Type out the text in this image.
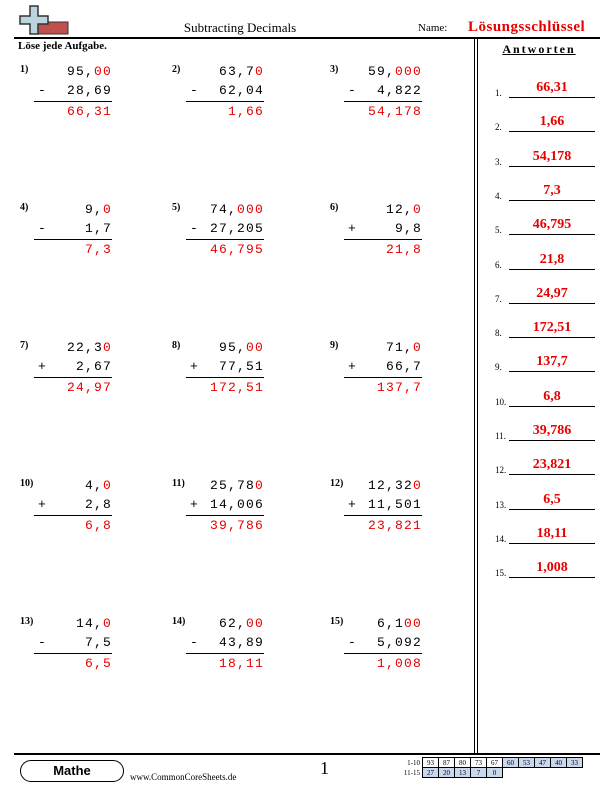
Subtracting Decimals	Name: Lösungsschlüssel
Löse jede Aufgabe.	Antworten
1)	95,00
- 28,69
66,31
2)	63,70
- 62,04
1,66
3)	59,000
- 4,822
54,178
4)	9,0
-	1,7
7,3
5)	74,000
- 27,205
46,795
6)	12,0
+ 9,8
21,8
7)	22,30
+ 2,67
24,97
8)	95,00
+ 77,51
172,51
9)	71,0
+ 66,7
137,7
10)	4,0
+	2,8
6,8
11)	25,780
+ 14,006
39,786
12)	12,320
+ 11,501
23,821
13)	14,0
- 7,5
6,5
14)	62,00
- 43,89
18,11
15)	6,100
- 5,092
1,008
1.	66,31
2.	1,66
3.	54,178
4.	7,3
5.	46,795
6.	21,8
7.	24,97
8.	172,51
9.	137,7
10.	6,8
11.	39,786
12.	23,821
13.	6,5
14.	18,11
15.	1,008
Mathe	www.CommonCoreSheets.de	1	1-10	93	87	80	73	67	60	53	47	40	33
11-15	27	20	13	7	0					
